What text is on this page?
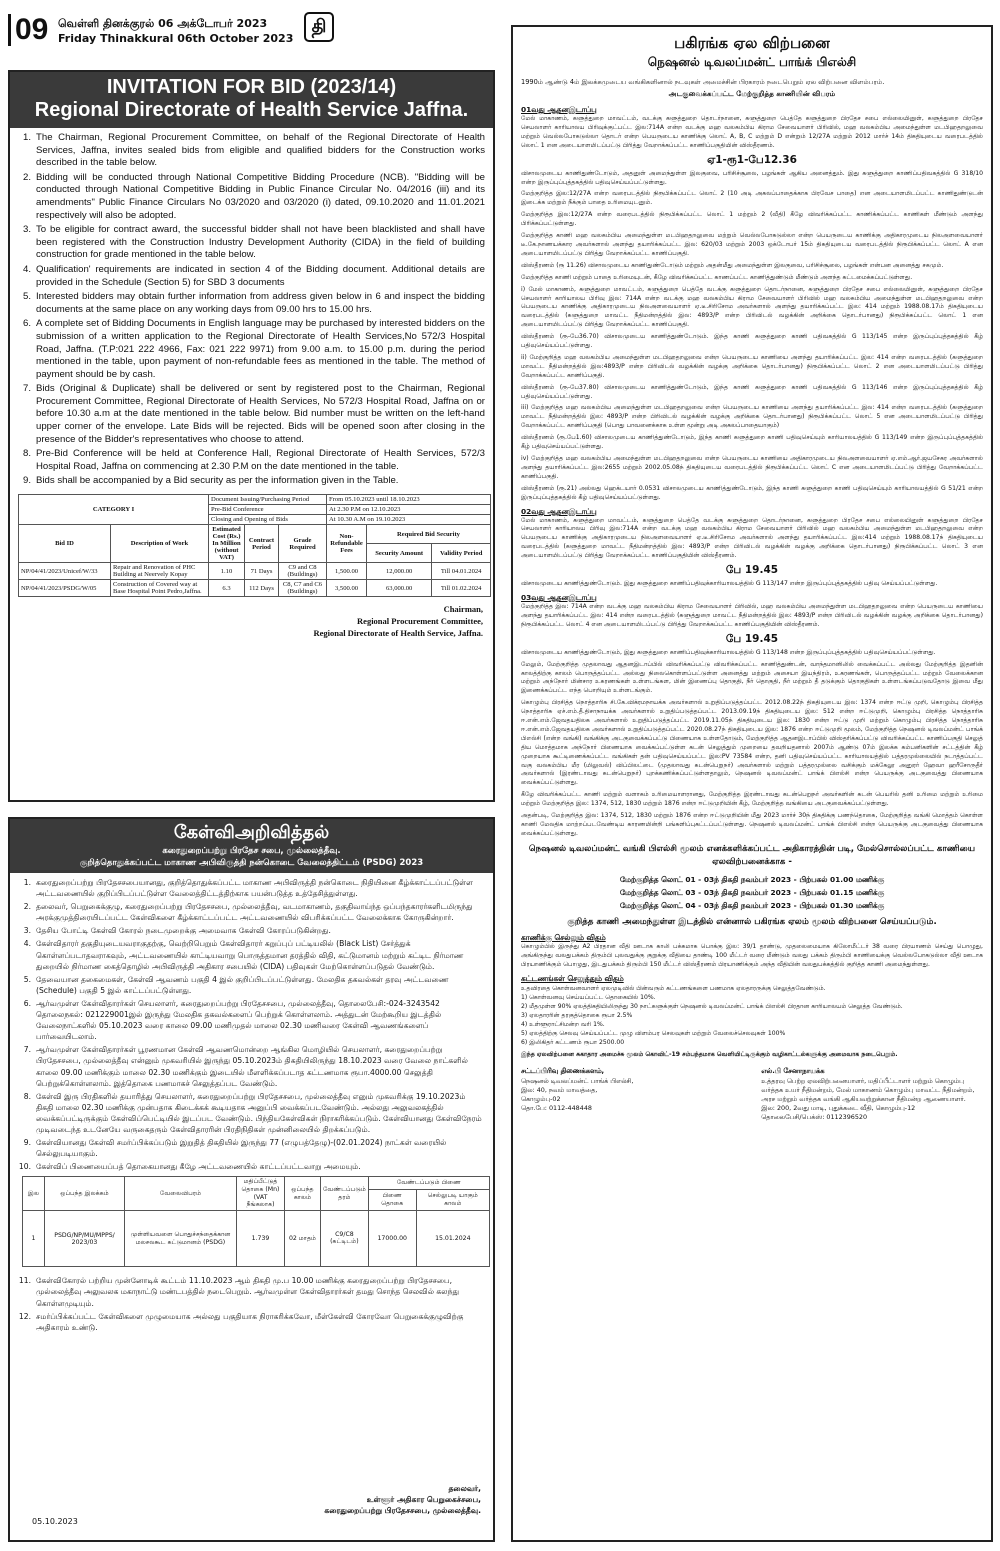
09 வெள்ளி தினக்குரல் 06 அக்டோபர் 2023
Friday Thinakkural 06th October 2023
தி
INVITATION FOR BID (2023/14)
Regional Directorate of Health Service Jaffna.
1. The Chairman, Regional Procurement Committee, on behalf of the Regional Directorate of Health Services, Jaffna, invites sealed bids from eligible and qualified bidders for the Construction works described in the table below.
2. Bidding will be conducted through National Competitive Bidding Procedure (NCB). "Bidding will be conducted through National Competitive Bidding in Public Finance Circular No. 04/2016 (iii) and its amendments" Public Finance Circulars No 03/2020 and 03/2020 (i) dated, 09.10.2020 and 11.01.2021 respectively will also be adopted.
3. To be eligible for contract award, the successful bidder shall not have been blacklisted and shall have been registered with the Construction Industry Development Authority (CIDA) in the field of building construction for grade mentioned in the table below.
4. Qualification' requirements are indicated in section 4 of the Bidding document. Additional details are provided in the Schedule (Section 5) for SBD 3 documents
5. Interested bidders may obtain further information from address given below in 6 and inspect the bidding documents at the same place on any working days from 09.00 hrs to 15.00 hrs.
6. A complete set of Bidding Documents in English language may be purchased by interested bidders on the submission of a written application to the Regional Directorate of Health Services,No 572/3 Hospital Road, Jaffna. (T.P:021 222 4966, Fax: 021 222 9971) from 9.00 a.m. to 15.00 p.m. during the period mentioned in the table, upon payment of non-refundable fees as mentioned in the table. The method of payment should be by cash.
7. Bids (Original & Duplicate) shall be delivered or sent by registered post to the Chairman, Regional Procurement Committee, Regional Directorate of Health Services, No 572/3 Hospital Road, Jaffna on or before 10.30 a.m at the date mentioned in the table below. Bid number must be written on the left-hand upper corner of the envelope. Late Bids will be rejected. Bids will be opened soon after closing in the presence of the Bidder's representatives who choose to attend.
8. Pre-Bid Conference will be held at Conference Hall, Regional Directorate of Health Services, 572/3 Hospital Road, Jaffna on commencing at 2.30 P.M on the date mentioned in the table.
9. Bids shall be accompanied by a Bid security as per the information given in the Table.
CATEGORY I		Document Issuing/Purchasing Period			From 05.10.2023 until 18.10.2023		
		Pre-Bid Conference			At 2.30 P.M on 12.10.2023		
		Closing and Opening of Bids			At 10.30 A.M on 19.10.2023		
Bid ID	Description of Work	Estimated Cost (Rs.) In Million (without VAT)	Contract Period	Grade Required	Non-Refundable Fees	Required Bid Security
						Security Amount	Validity Period
NP/04/41/2023/Unicef/W/33	Repair and Renovation of PHC Building at Neervely Kopay	1.10	71 Days	C9 and C8 (Buildings)	1,500.00	12,000.00	Till 04.01.2024
NP/04/41/2023/PSDG/W/05	Construction of Covered way at Base Hospital Point Pedro,Jaffna.	6.3	112 Days	C8, C7 and C6 (Buildings)	3,500.00	63,000.00	Till 01.02.2024
Chairman,
Regional Procurement Committee,
Regional Directorate of Health Service, Jaffna.
கேள்விஅறிவித்தல்
கரைதுறைப்பற்று பிரதேச சபை, முல்லைத்தீவு.
குறித்தொதுக்கப்பட்ட மாகாண அபிவிருத்தி நன்கொடை வேலைத்திட்டம் (PSDG) 2023
1. கரைதுறைப்பற்று பிரதேசசபையானது, குறித்தொதுக்கப்பட்ட மாகாண அபிவிருத்தி நன்கொடை நிதியினை கீழ்க்காட்டப்பட்டுள்ள அட்டவணையில் குறிப்பிடப்பட்டுள்ள வேலைத்திட்டத்திற்காக பயன்படுத்த உத்தேசித்துள்ளது.
2. தலைவர், பெறுகைக்குழு, கரைதுறைப்பற்று பிரதேசசபை, முல்லைத்தீவு, வடமாகாணம், தகுதிவாய்ந்த ஒப்பந்தகாரர்களிடமிருந்து அரக்குமுத்திரையிடப்பட்ட கேள்விகளை கீழ்க்காட்டப்பட்ட அட்டவணையில் விபரிக்கப்பட்ட வேலைக்காக கோருகின்றார்.
3. தேசிய போட்டி கேள்வி கோரல் நடைமுறைக்கு அமைவாக கேள்வி கோரப்படுகின்றது.
4. கேள்விதாரர் தகுதியுடையவராகுதற்கு, வெற்றிபெறும் கேள்விதாரர் கறுப்புப் பட்டியலில் (Black List) சேர்த்துக் கொள்ளப்படாதவராகவும், அட்டவணையில் காட்டியவாறு பொருத்தமான தரத்தில் விதி, கட்டுமானம் மற்றும் கட்டிட நிர்மாண துறையில் நிர்மாண கைத்தொழில் அபிவிருத்தி அதிகார சபையில் (CIDA) பதிவுகள் மேற்கொள்ளப்படுதல் வேண்டும்.
5. தேவையான தகைமைகள், கேள்வி ஆவணம் பகுதி 4 இல் குறிப்பிடப்பட்டுள்ளது. மேலதிக தகவல்கள் தரவு அட்டவணை (Schedule) பகுதி 5 இல் காட்டப்பட்டுள்ளது.
6. ஆர்வமுள்ள கேள்விதாரர்கள் செயலாளர், கரைதுறைப்பற்று பிரதேசசபை, முல்லைத்தீவு, தொலைபேசி:-024-3243542 தொலைநகல்: 021229001இல் இருந்து மேலதிக தகவல்களைப் பெற்றுக் கொள்ளலாம். அத்துடன் மேற்கூறிய இடத்தில் வேலைநாட்களில் 05.10.2023 வரை காலை 09.00 மணிமுதல் மாலை 02.30 மணிவரை கேள்வி ஆவணங்களைப் பார்வையிடலாம்.
7. ஆர்வமுள்ள கேள்விதாரர்கள் பூரணமான கேள்வி ஆவணமொன்றை ஆங்கில மொழியில் செயலாளர், கரைதுறைப்பற்று பிரதேசசபை, முல்லைத்தீவு என்னும் முகவரியில் இருந்து 05.10.2023ம் திகதியிலிருந்து 18.10.2023 வரை வேலை நாட்களில் காலை 09.00 மணிக்கும் மாலை 02.30 மணிக்கும் இடையில் மீளளிக்கப்படாத கட்டணமாக ரூபா.4000.00 செலுத்தி பெற்றுக்கொள்ளலாம். இத்தொகை பணமாகச் செலுத்தப்பட வேண்டும்.
8. கேள்வி இரு பிரதிகளில் தயாரித்து செயலாளர், கரைதுறைப்பற்று பிரதேசசபை, முல்லைத்தீவு எனும் முகவரிக்கு 19.10.2023ம் திகதி மாலை 02.30 மணிக்கு முன்பதாக கிடைக்கக் கூடியதாக அனுப்பி வைக்கப்படவேண்டும். அல்லது அலுவலகத்தில் வைக்கப்பட்டிருக்கும் கேள்விப்பெட்டியில் இடப்பட வேண்டும். பிந்தியகேள்விகள் நிராகரிக்கப்படும். கேள்வியானது கேள்விநேரம் முடிவடைந்த உடனேயே வருகைதரும் கேள்விதாரரின் பிரதிநிதிகள் முன்னிலையில் திறக்கப்படும்.
9. கேள்வியானது கேள்வி சமர்ப்பிக்கப்படும் இறுதித் திகதியில் இருந்து 77 (எழுபத்தேழு)-(02.01.2024) நாட்கள் வரையில் செல்லுபடியாகும்.
10. கேள்விப் பிணையைப்பத் தொகையானது கீழே அட்டவணையில் காட்டப்பட்டவாறு அமையும்.
இல	ஒப்பந்த இலக்கம்	வேலைவிபரம்	மதிப்பீட்டுத் தொகை (Mn) (VAT நீங்கலாக)	ஒப்பந்த காலம்	வேண்டப்படும் தரம்	வேண்டப்படும் பிணை	
						பிணை தொகை	செல்லுபடி யாகும் காலம்
1	PSDG/NP/MU/MPPS/ 2023/03	முள்ளியவளை பொதுச்சந்தைக்கான மலசலகூட கட்டுமானம் (PSDG)	1.739	02 மாதம்	C9/C8 (கட்டிடம்)	17000.00	15.01.2024
11. கேள்விகோரல் பற்றிய முன்னோடிக் கூட்டம் 11.10.2023 ஆம் திகதி மு.ப 10.00 மணிக்கு கரைதுறைப்பற்று பிரதேசசபை, முல்லைத்தீவு அலுவலக மகாநாட்டு மண்டபத்தில் நடைபெறும். ஆர்வமுள்ள கேள்விதாரர்கள் தமது சொந்த செலவில் கலந்து கொள்ளமுடியும்.
12. சமர்ப்பிக்கப்பட்ட கேள்விகளை முழுமையாக அல்லது பகுதியாக நிராகரிக்கவோ, மீள்கேள்வி கோரவோ பெறுகைக்குழுவிற்கு அதிகாரம் உண்டு.
தலைவர்,
உள்ளூர் அதிகார பெறுகைச்சபை,
கரைதுறைப்பற்று பிரதேசசபை, முல்லைத்தீவு.
05.10.2023
பகிரங்க ஏல விற்பனை
நெஷனல் டிவலப்மன்ட் பாங்க் பிஎல்சி
1990ம் ஆண்டு 4ம் இலக்கமுடைய வங்கிகளினால் நடவுகள் அமைச்சின் பிரகாரம் நடைபெறும் ஏல விற்பனை விளம்பரம்.
அடகுவைக்கப்பட்ட மேற்குறித்த காணியின் விபரம்
01வது ஆதனஇடாப்பு
மேல் மாகாணம், களுத்துறை மாவட்டம், வடக்கு களுத்துறை தொடர்நானை, களுத்துறை பெத்தே களுத்துறை பிரதேச சபை எல்லையினுள், களுத்துறை பிரதேச செயலாளர் காரியாலய பிரிவுக்குட்பட்ட இல:714A என்ற வடக்கு மஹ வலகம்பிய கிராம சேவையாளர் பிரிவில், மஹ வலகம்பிய அமைந்துள்ள மடபிஹதறலுவை மற்றும் வெல்லபோகடுல்லா தொடர் என்ற பெயருடைய காணிக்கு லொட் A, B, C மற்றும் D என்றும் 12/27A மற்றும் 2012 மார்ச் 14ம் திகதியுடைய வரைபடத்தில் லொட் 1 என அடையாளமிடப்பட்டு பிரித்து வேறாக்கப்பட்ட காணிப்பகுதியின் விஸ்தீரணம்.
ஏ1-ரூ1-பே12.36
விசாலமுடைய காணிதுண்டோடும், அதனுள் அமைந்துள்ள இலகுவை, பரிசிச்சூலை, பழங்கள் ஆகிய அனைத்தும். இது களுத்துறை காணிப்பதிவகத்தில் G 318/10 என்ற இருப்புப்புத்தகத்தில் பதிவுசெய்யப்பட்டுள்ளது.
மேற்குறித்த இல:12/27A என்ற வரைபடத்தில் நிரூபிக்கப்பட்ட லொட் 2 (10 அடி அகலப்பாதைக்காக பிரவேச பாதை) என அடையாளமிடப்பட்ட காணிதுண்டுடன் இடைக்க மற்றும் நீக்கும் பாதை உரிமையுடனும்.
மேற்குறித்த இல:12/27A என்ற வரைபடத்தில் நிரூபிக்கப்பட்ட லொட் 1 மற்றும் 2 (வீதி) கீழே விவரிக்கப்பட்ட காணிக்கப்பட்ட காணிகள் மீண்டும் அளந்து பிரிக்கப்பட்டுள்ளது.
மேற்குறித்த காணி மஹ வலகம்பிய அமைந்துள்ள மடபிஹதறலுவை மற்றும் வெல்லபோகடுல்லா என்ற பெயருடைய காணிக்கு அதிகாரமுடைய நிலஅளவையாளர் டீ.கே.நாணயக்கார அவர்களால் அளந்து தயாரிக்கப்பட்ட இல: 620/03 மற்றும் 2003 ஒக்டோபர் 15ம் திகதியுடைய வரைபடத்தில் நிரூபிக்கப்பட்ட லொட் A என அடையாளமிடப்பட்டு பிரித்து வேறாக்கப்பட்ட காணிப்பகுதி.
விஸ்தீரணம் (ரூ 11.26) விசாலமுடைய காணிதுண்டோடும் மற்றும் அதன்மீது அமைந்துள்ள இலகுவை, பரிசிச்சூலை, பழங்கள் என்பன அனைத்து சகமும்.
மேற்குறித்த காணி மற்றும் பாதை உரிமையுடன், கீழே விவரிக்கப்பட்ட காணப்பட்ட காணித்துண்டும் மீண்டும் அளந்த கட்டமைக்கப்பட்டுள்ளது.
i) மேல் மாகாணம், களுத்துறை மாவட்டம், களுத்துறை பெத்தே வடக்கு களுத்துறை தொடர்நானை, களுத்துறை பிரதேச சபை எல்லையினுள், களுத்துறை பிரதேச செயலாளர் காரியாலய பிரிவு இல: 714A என்ற வடக்கு மஹ வலகம்பிய கிராம சேவையாளர் பிரிவில் மஹ வலகம்பிய அமைந்துள்ள மடபிஹதறலுவை என்ற பெயருடைய காணிக்கு அதிகாரமுடைய நிலஅளவையாளர் ஏ.டீ.சிரிசோம அவர்களால் அளந்து தயாரிக்கப்பட்ட இல: 414 மற்றும் 1988.08.17ம் திகதியுடைய வரைபடத்தில் (களுத்துறை மாவட்ட நீதிமன்றத்தில் இல: 4893/P என்ற பிரிவிடல் வழக்கின் அறிக்கை தொடர்பானது) நிரூபிக்கப்பட்ட லொட் 1 என அடையாளமிடப்பட்டு பிரித்து வேறாக்கப்பட்ட காணிப்பகுதி.
விஸ்தீரணம் (ரூ-பே36.70) விசாலமுடைய காணித்துண்டோடும். இந்த காணி களுத்துறை காணி பதிவகத்தில் G 113/145 என்ற இருப்புப்புத்தகத்தில் கீழ் பதிவுசெய்யப்பட்டுள்ளது.
ii) மேற்குறித்த மஹ வலகம்பிய அமைந்துள்ள மடபிஹதறலுவை என்ற பெயருடைய காணியை அளந்து தயாரிக்கப்பட்ட இல: 414 என்ற வரைபடத்தில் (களுத்துறை மாவட்ட நீதிமன்றத்தில் இல:4893/P என்ற பிரிவிடல் வழக்கின் வழக்கு அறிக்கை தொடர்பானது) நிரூபிக்கப்பட்ட லொட் 2 என அடையாளமிடப்பட்டு பிரித்து வேறாக்கப்பட்ட காணிப்பகுதி.
விஸ்தீரணம் (ரூ-பே37.80) விசாலமுடைய காணித்துண்டோடும், இந்த காணி களுத்துறை காணி பதிவகத்தில் G 113/146 என்ற இருப்புப்புத்தகத்தில் கீழ் பதிவுசெய்யப்பட்டுள்ளது.
iii) மேற்குறித்த மஹ வலகம்பிய அமைந்துள்ள மடபிஹதறலுவை என்ற பெயருடைய காணியை அளந்து தயாரிக்கப்பட்ட இல: 414 என்ற வரைபடத்தில் (களுத்துறை மாவட்ட நீதிமன்றத்தில் இல: 4893/P என்ற பிரிவிடல் வழக்கின் வழக்கு அறிக்கை தொடர்பானது) நிரூபிக்கப்பட்ட லொட் 5 என அடையாளமிடப்பட்டு பிரித்து வேறாக்கப்பட்ட காணிப்பகுதி (பொது பாவனைக்காக உள்ள மூன்று அடி அகலப்பாதையாகும்)
விஸ்தீரணம் (ரூ.பே1.60) விசாலமுடைய காணித்துண்டோடும், இந்த காணி களுத்துறை காணி பதிவுசெய்யும் காரியாலயத்தில் G 113/149 என்ற இருப்புப்புத்தகத்தில் கீழ் பதிவுசெய்யப்பட்டுள்ளது.
iv) மேற்குறித்த மஹ வலகம்பிய அமைந்துள்ள மடபிஹதறலுவை என்ற பெயருடைய காணியை அதிகாரமுடைய நிலஅளவையாளர் ஏ.எம்.ஆர்.ஜயசேகர அவர்களால் அளந்து தயாரிக்கப்பட்ட இல:2655 மற்றும் 2002.05.08ந் திகதியுடைய வரைபடத்தில் நிரூபிக்கப்பட்ட லொட் C என அடையாளமிடப்பட்டு பிரித்து வேறாக்கப்பட்ட காணிப்பகுதி.
விஸ்தீரணம் (ரூ.21) அல்லது ஹெக்டயார் 0.0531 விசாலமுடைய காணித்துண்டோடும், இந்த காணி களுத்துறை காணி பதிவுசெய்யும் காரியாலயத்தில் G 51/21 என்ற இருப்புப்புத்தகத்தில் கீழ் பதிவுசெய்யப்பட்டுள்ளது.
02வது ஆதனஇடாப்பு
மேல் மாகாணம், களுத்துறை மாவட்டம், களுத்துறை பெத்தே வடக்கு களுத்துறை தொடர்நானை, களுத்துறை பிரதேச சபை எல்லையினுள் களுத்துறை பிரதேச செயலாளர் காரியாலய பிரிவு இல:714A என்ற வடக்கு மஹ வலகம்பிய கிராம சேவையாளர் பிரிவில் மஹ வலகம்பிய அமைந்துள்ள மடபிஹதறலுவை என்ற பெயருடைய காணிக்கு அதிகாரமுடைய நிலஅளவையாளர் ஏ.டீ.சிரிசோம அவர்களால் அளந்து தயாரிக்கப்பட்ட இல:414 மற்றும் 1988.08.17ந் திகதியுடைய வரைபடத்தில் (களுத்துறை மாவட்ட நீதிமன்றத்தில் இல: 4893/P என்ற பிரிவிடல் வழக்கின் வழக்கு அறிக்கை தொடர்பானது) நிரூபிக்கப்பட்ட லொட் 3 என அடையாளமிடப்பட்டு பிரித்து வேறாக்கப்பட்ட காணிப்பகுதியின் விஸ்தீரணம்.
பே 19.45
விசாலமுடைய காணித்துண்டோடும். இது களுத்துறை காணிப்பதிவுக்காரியாலயத்தில் G 113/147 என்ற இருப்புப்புத்தகத்தில் பதிவு செய்யப்பட்டுள்ளது.
03வது ஆதனஇடாப்பு
மேற்குறித்த இல: 714A என்ற வடக்கு மஹ வலகம்பிய கிராம சேவையாளர் பிரிவில், மஹ வலகம்பிய அமைந்துள்ள மடபிஹதறலுவை என்ற பெயருடைய காணியை அளந்து தயாரிக்கப்பட்ட இல: 414 என்ற வரைபடத்தில் (களுத்துறை மாவட்ட நீதிமன்றத்தில் இல: 4893/P என்ற பிரிவிடல் வழக்கின் வழக்கு அறிக்கை தொடர்பானது) நிரூபிக்கப்பட்ட லொட் 4 என அடையாளமிடப்பட்டு பிரித்து வேறாக்கப்பட்ட காணிப்பகுதியின் விஸ்தீரணம்.
பே 19.45
விசாலமுடைய காணித்துண்டோடும், இது களுத்துறை காணிப்பதிவுக்காரியாலயத்தில் G 113/148 என்ற இருப்புப்புத்தகத்தில் பதிவுசெய்யப்பட்டுள்ளது.
மேலும், மேற்குறித்த முதலாவது ஆதனஇடாப்பில் விவரிக்கப்பட்டு விவரிக்கப்பட்ட காணித்துண்டன், வாந்தமானிலில் வைக்கப்பட்ட அல்லது மேற்குறித்த இதனின் காலத்திற்கு காலம் பொருத்தப்பட்ட அல்லது நிலைகொள்ளப்பட்டுள்ள அனைத்து மற்றும் அசையா இயந்திரம், உகரணங்கள், பொருத்தப்பட்ட மற்றும் வேலைக்கான மற்றும் அந்நோர் மின்சார உகரணங்கள் உள்ளடங்கள, மின் இணைப்பு தொகுதி, நீர் தொகுதி, நீர் மற்றும் தீ தடுக்கும் தொகுதிகள் உள்ளடங்கப்படுவதோடு இவை மீது இணைக்கப்பட்ட எந்த பொறியும் உள்ளடங்கும்.
கொழும்பு பிரசித்த நொத்தாரிசு சி.கே.விக்ரமநாயக்க அவர்களால் உறுதிப்படுத்தப்பட்ட 2012.08.22ந் திகதியுடைய இல: 1374 என்ற ஈட்டு முறி, கொழும்பு பிரசித்த நொத்தாரிசு ஏச்.எம்.தீ.திசாநாயக்க அவர்களால் உறுதிப்படுத்தப்பட்ட 2013.09.19ந் திகதியுடைய இல: 512 என்ற ஈட்டுமுறி, கொழும்பு பிரசித்த நொத்தாரிசு ஈ.என்.எம்.ஜேவதயதிலக அவர்களால் உறுதிப்படுத்தப்பட்ட 2019.11.05ந் திகதியுடைய இல: 1830 என்ற ஈட்டு முறி மற்றும் கொழும்பு பிரசித்த நொத்தாரிசு ஈ.என்.எம்.ஜேவதயதிலக அவர்களால் உறுதிப்படுத்தப்பட்ட 2020.08.27ந் திகதியுடைய இல: 1876 என்ற ஈட்டுமுறி மூலம், மேற்குறித்த நெஷனல் டிவலப்மன்ட் பாங்க் பிஎல்சி (என்ற வங்கி) வங்கிக்கு அடகுவைக்கப்பட்டு பிணையாக உள்ளதோடும், மேற்குறித்த ஆதனஇடாப்பில் விஸ்தரிக்கப்பட்டு விவரிக்கப்பட்ட காணிப்பகுதி செலுத் திய மொத்தமாக அந்நோர் பிணையாக வைக்கப்பட்டுள்ள கடன் செலுத்தும் முறையை தவறியதனால் 2007ம் ஆண்டு 07ம் இலக்க கம்பனிகளின் சட்டத்தின் கீழ் முறையாக கூட்டிணைக்கப்பட்ட வங்கிகள் தன் பதிவுசெய்யப்பட்ட இல:PV 73584 என்ற, தனி பதிவுசெய்யப்பட்ட காரியாலயத்தில் பத்தரமுல்லையில் நடாத்தப்பட்ட வகு வலகம்பிய மீர (மிலுவல்) விப்பிலட்டை (முதலாவது கடன்பெறுநர்) அவர்களால் மற்றும் பத்தரமுல்லை வசிக்கும் மக்கேலூ அனுரர் ஹேவா ஹரீசோருதீர் அவர்களால் (இரண்டாவது கடன்பெறுநர்) புறக்கணிக்கப்பட்டுள்ளதாலும், நெஷனல் டிவலப்மன்ட் பாங்க் பிஎல்சி என்ற பெயருக்கு அடகுவைத்து பிணையாக வைக்கப்பட்டுள்ளது.
கீழே விவரிக்கப்பட்ட காணி மற்றும் வளாகம் உரிமையாளரானது, மேற்குறித்த இரண்டாவது கடன்பெறுநர் அவர்களின் கடன் பெயரில் தனி உரிமை மற்றும் உரிமை மற்றும் மேற்குறித்த இல: 1374, 512, 1830 மற்றும் 1876 என்ற ஈட்டுமுறியின் கீழ், மேற்குறித்த வங்கியை அடகுவைக்கப்பட்டுள்ளது.
அதன்படி, மேற்குறித்த இல: 1374, 512, 1830 மற்றும் 1876 என்ற ஈட்டுமுறியின் மீது 2023 மார்ச் 30ந் திகதிக்கு பணந்தொகை, மேற்குறித்த வங்கி மொத்தம் கொள்ள காணி மேலதிக மாற்றப்படவேண்டிய காரணமின்றி பங்களிப்புகட்டப்பட்டுள்ளது. நெஷனல் டிவலப்மன்ட் பாங்க் பிஎல்சி என்ற பெயருக்கு அடகுவைத்து பிணையாக வைக்கப்பட்டுள்ளது.
நெஷனல் டிவலப்மன்ட் வங்கி பிஎல்சி மூலம் எனக்களிக்கப்பட்ட அதிகாரத்தின் படி, மேல்சொல்லப்பட்ட காணியை ஏலவிற்பனைக்காக -
மேற்குறித்த லொட் 01 - 03ந் திகதி நவம்பர் 2023 - பிற்பகல் 01.00 மணிக்கு
மேற்குறித்த லொட் 03 - 03ந் திகதி நவம்பர் 2023 - பிற்பகல் 01.15 மணிக்கு
மேற்குறித்த லொட் 04 - 03ந் திகதி நவம்பர் 2023 - பிற்பகல் 01.30 மணிக்கு
குறித்த காணி அமைந்துள்ள இடத்தில் என்னால் பகிரங்க ஏலம் மூலம் விற்பனை செய்யப்படும்.
காணிக்கு செல்லும் விதம்
கொழும்பில் இருந்து A2 பிரதான வீதி ஊடாக காலி பக்கமாக பொக்கு இல: 39/1 தாண்டு, முதலைமையாக கிலோமீட்டர் 38 வரை பிரயாணம் செய்து பொழுது, அங்கிருந்து வலதுபக்கம் திரும்பி புலவதுக்கு குறுக்கு வீதியை தாண்டி 100 மீட்டர் வரை மீண்டும் வலது பக்கம் திரும்பி காணியைக்கு வெல்லபோகடுல்லா வீதி ஊடாக பிரயாணிக்கும் பொழுது, இடதுபக்கம் திரும்பி 150 மீட்டர் விஸ்தீரணம் பிரயாணிக்கும் அந்த வீதியின் வலதுபக்கத்தில் குறித்த காணி அமைந்துள்ளது.
கட்டணங்கள் செலுத்தும் விதம்
உதவிரதை கொள்வனவாளர் ஏலமுடிவில் பின்வரும் கட்டணங்களை பணமாக ஏலதாரருக்கு செலுத்தவேண்டும்.
1) கொள்வனவு செய்யப்பட்ட தொகையில் 10%.
2) மீதமுள்ள 90% ஏலத்திகதியிலிருந்து 30 நாட்களுக்குள் நெஷனல் டிவலப்மன்ட் பாங்க் பிஎல்சி பிரதான காரியாலயம் செலுத்த வேண்டும்.
3) ஏலதாரரின் தரகுத்தொகை ரூபா 2.5%
4) உள்ளூராட்சிமன்ற வரி 1%.
5) ஏலத்திற்கு செலவு செய்யப்பட்ட முழு விளம்பர செலவுகள் மற்றும் வேலைச்செலவுகள் 100%
6) இலிகிதர் கட்டணம் ரூபா 2500.00
இந்த ஏலவிற்பனை சுகாதார அமைச்சு மூலம் கொவிட்-19 சம்பந்தமாக வெளியிட்டிருக்கும் வழிகாட்டல்களுக்கு அமைவாக நடைபெறும்.
சட்டப்பிரிவு திணைக்களம்,
நெஷனல் டிவலப்மன்ட் பாங்க் பிஎல்சி,
இல: 40, நவம் மாவத்தை,
கொழும்பு-02
தொ.பே: 0112-448448
எல்.பி சேனாநாயக்க
உத்தரவு பெற்ற ஏலவிற்பனையாளர், மதிப்பீட்டாளர் மற்றும் கொழும்பு வர்த்தக உயர் நீதிமன்றம், மேல் மாகாணம் கொழும்பு மாவட்ட நீதிமன்றம், அரச மற்றும் வர்த்தக வங்கி ஆகியவற்றுக்கான நீதிமன்ற ஆணையாளர்.
இல: 200, 2வது மாடி, புதுக்கடை வீதி, கொழும்பு-12
தொலைபேசி/பெக்ஸ்: 0112396520
